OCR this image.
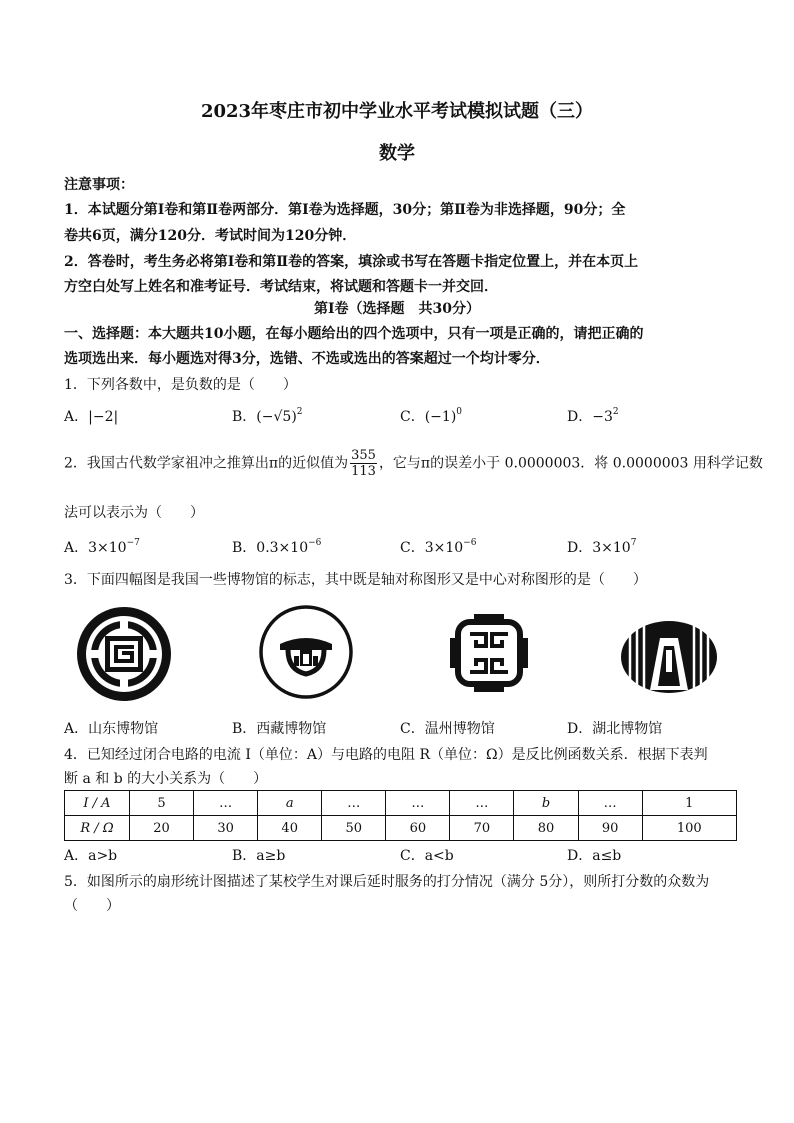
2023年枣庄市初中学业水平考试模拟试题（三）
数学
注意事项：
1．本试题分第Ⅰ卷和第Ⅱ卷两部分．第Ⅰ卷为选择题，30分；第Ⅱ卷为非选择题，90分；全
卷共6页，满分120分．考试时间为120分钟．
2．答卷时，考生务必将第Ⅰ卷和第Ⅱ卷的答案，填涂或书写在答题卡指定位置上，并在本页上
方空白处写上姓名和准考证号．考试结束，将试题和答题卡一并交回．
第Ⅰ卷（选择题　共30分）
一、选择题：本大题共10小题，在每小题给出的四个选项中，只有一项是正确的，请把正确的
选项选出来．每小题选对得3分，选错、不选或选出的答案超过一个均计零分．
1．下列各数中，是负数的是（　　）
A．|−2|	B．$(-√5)^2$	C．$(-1)^0$	D．$-3^2$
2．我国古代数学家祖冲之推算出π的近似值为 $\frac{355}{113}$ ，它与π的误差小于 0.0000003．将 0.0000003 用科学记数
法可以表示为（　　）
A．$3\times 10^{-7}$	B．$0.3\times 10^{-6}$	C．$3\times 10^{-6}$	D．$3\times 10^7$
3．下面四幅图是我国一些博物馆的标志，其中既是轴对称图形又是中心对称图形的是（　　）
A．山东博物馆	B．西藏博物馆	C．温州博物馆	D．湖北博物馆
4．已知经过闭合电路的电流 I（单位：A）与电路的电阻 R（单位：Ω）是反比例函数关系．根据下表判
断 a 和 b 的大小关系为（　　）
I / A	5	…	a	…	…	…	b	…	1
R / Ω	20	30	40	50	60	70	80	90	100
A．a>b	B．a≥b	C．a<b	D．a≤b
5．如图所示的扇形统计图描述了某校学生对课后延时服务的打分情况（满分 5分），则所打分数的众数为
（　　）
